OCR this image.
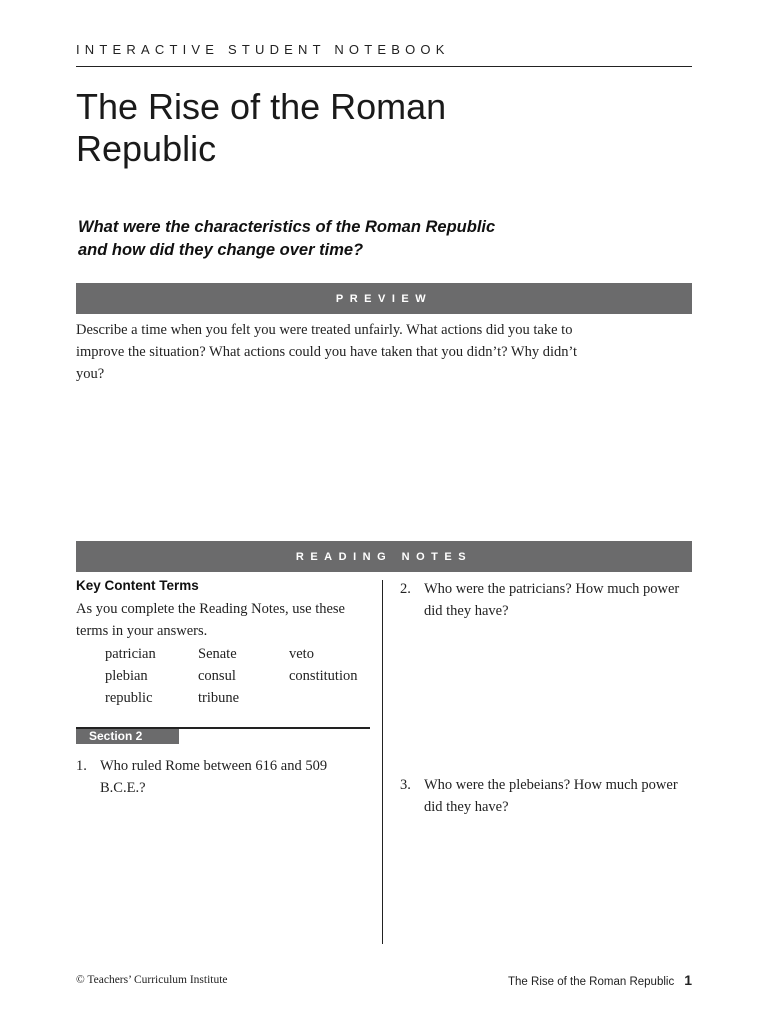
INTERACTIVE STUDENT NOTEBOOK
The Rise of the Roman Republic
What were the characteristics of the Roman Republic and how did they change over time?
PREVIEW
Describe a time when you felt you were treated unfairly. What actions did you take to improve the situation? What actions could you have taken that you didn’t? Why didn’t you?
READING NOTES
Key Content Terms
As you complete the Reading Notes, use these terms in your answers.
patrician	Senate	veto
plebian	consul	constitution
republic	tribune
Section 2
1. Who ruled Rome between 616 and 509 B.C.E.?
2. Who were the patricians? How much power did they have?
3. Who were the plebeians? How much power did they have?
© Teachers’ Curriculum Institute	The Rise of the Roman Republic 1
